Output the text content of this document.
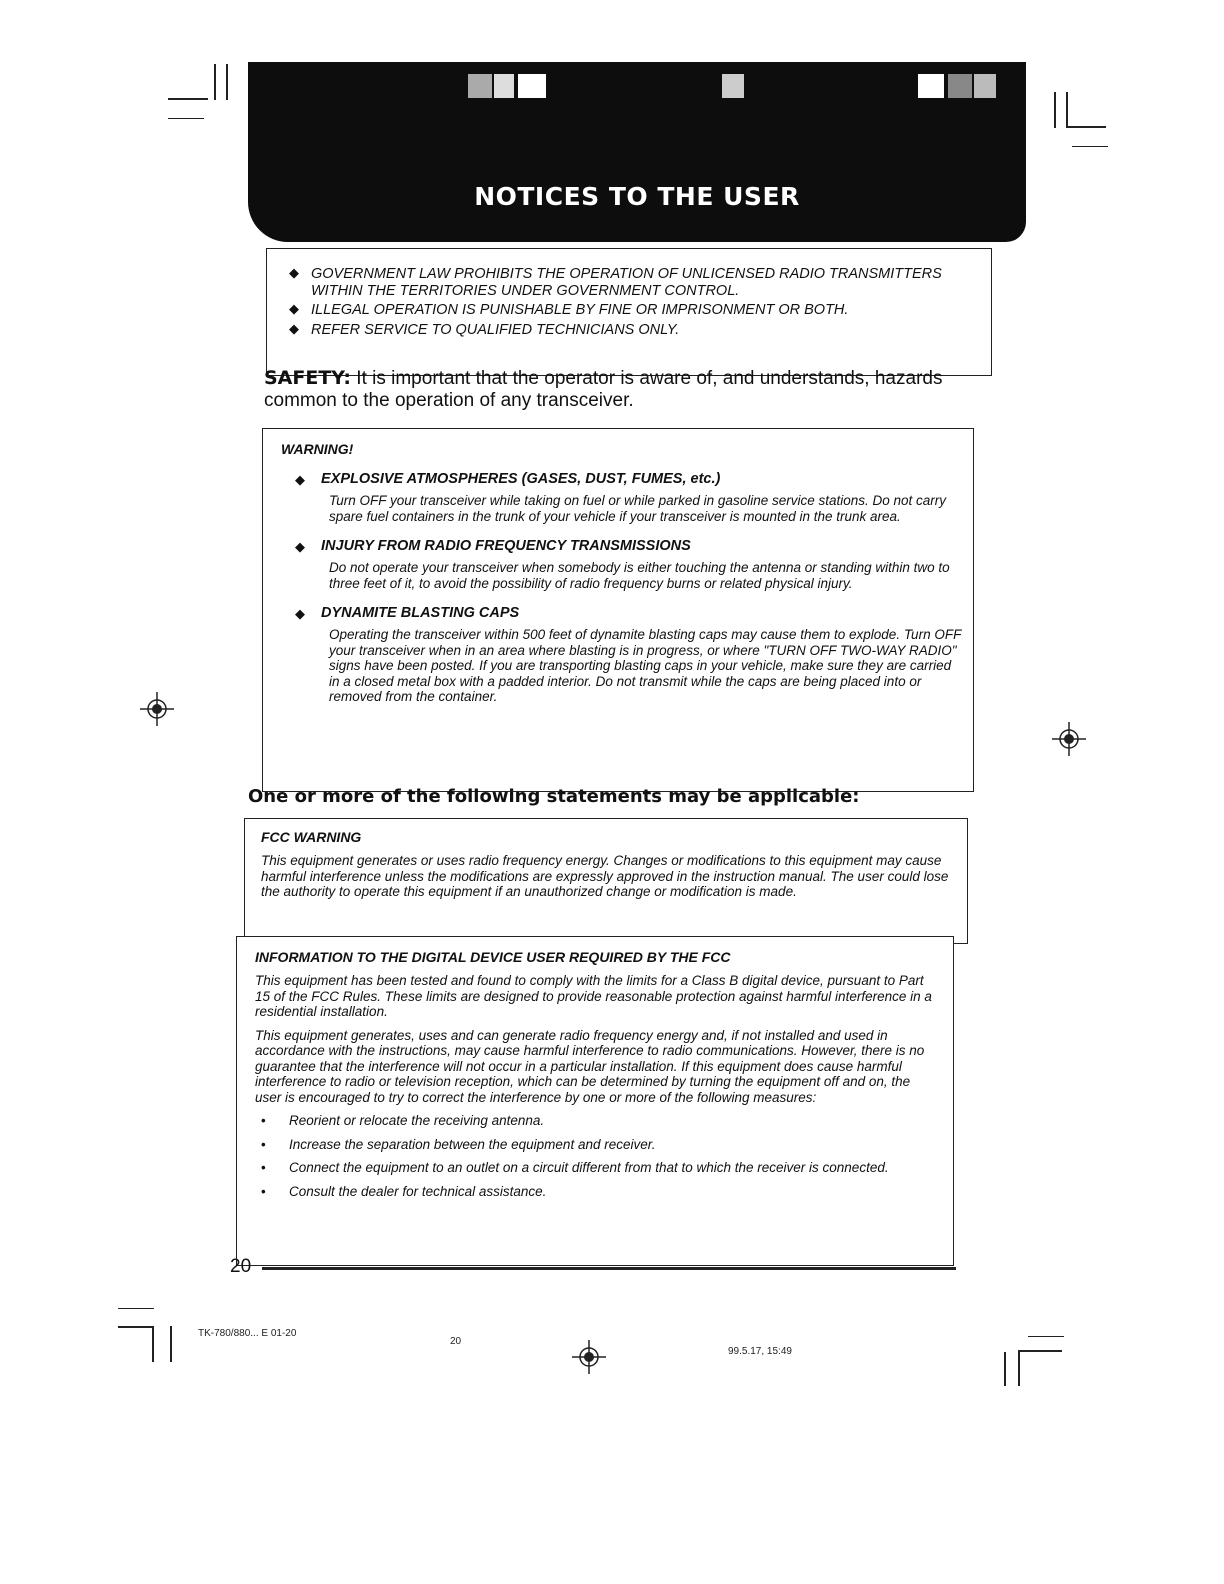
NOTICES TO THE USER
◆ GOVERNMENT LAW PROHIBITS THE OPERATION OF UNLICENSED RADIO TRANSMITTERS WITHIN THE TERRITORIES UNDER GOVERNMENT CONTROL.
◆ ILLEGAL OPERATION IS PUNISHABLE BY FINE OR IMPRISONMENT OR BOTH.
◆ REFER SERVICE TO QUALIFIED TECHNICIANS ONLY.
SAFETY: It is important that the operator is aware of, and understands, hazards common to the operation of any transceiver.
WARNING!
◆ EXPLOSIVE ATMOSPHERES (GASES, DUST, FUMES, etc.)
Turn OFF your transceiver while taking on fuel or while parked in gasoline service stations. Do not carry spare fuel containers in the trunk of your vehicle if your transceiver is mounted in the trunk area.
◆ INJURY FROM RADIO FREQUENCY TRANSMISSIONS
Do not operate your transceiver when somebody is either touching the antenna or standing within two to three feet of it, to avoid the possibility of radio frequency burns or related physical injury.
◆ DYNAMITE BLASTING CAPS
Operating the transceiver within 500 feet of dynamite blasting caps may cause them to explode. Turn OFF your transceiver when in an area where blasting is in progress, or where "TURN OFF TWO-WAY RADIO" signs have been posted. If you are transporting blasting caps in your vehicle, make sure they are carried in a closed metal box with a padded interior. Do not transmit while the caps are being placed into or removed from the container.
One or more of the following statements may be applicable:
FCC WARNING

This equipment generates or uses radio frequency energy. Changes or modifications to this equipment may cause harmful interference unless the modifications are expressly approved in the instruction manual. The user could lose the authority to operate this equipment if an unauthorized change or modification is made.

INFORMATION TO THE DIGITAL DEVICE USER REQUIRED BY THE FCC

This equipment has been tested and found to comply with the limits for a Class B digital device, pursuant to Part 15 of the FCC Rules. These limits are designed to provide reasonable protection against harmful interference in a residential installation.

This equipment generates, uses and can generate radio frequency energy and, if not installed and used in accordance with the instructions, may cause harmful interference to radio communications. However, there is no guarantee that the interference will not occur in a particular installation. If this equipment does cause harmful interference to radio or television reception, which can be determined by turning the equipment off and on, the user is encouraged to try to correct the interference by one or more of the following measures:

• Reorient or relocate the receiving antenna.
• Increase the separation between the equipment and receiver.
• Connect the equipment to an outlet on a circuit different from that to which the receiver is connected.
• Consult the dealer for technical assistance.
20
TK-780/880... E 01-20
20
99.5.17, 15:49
